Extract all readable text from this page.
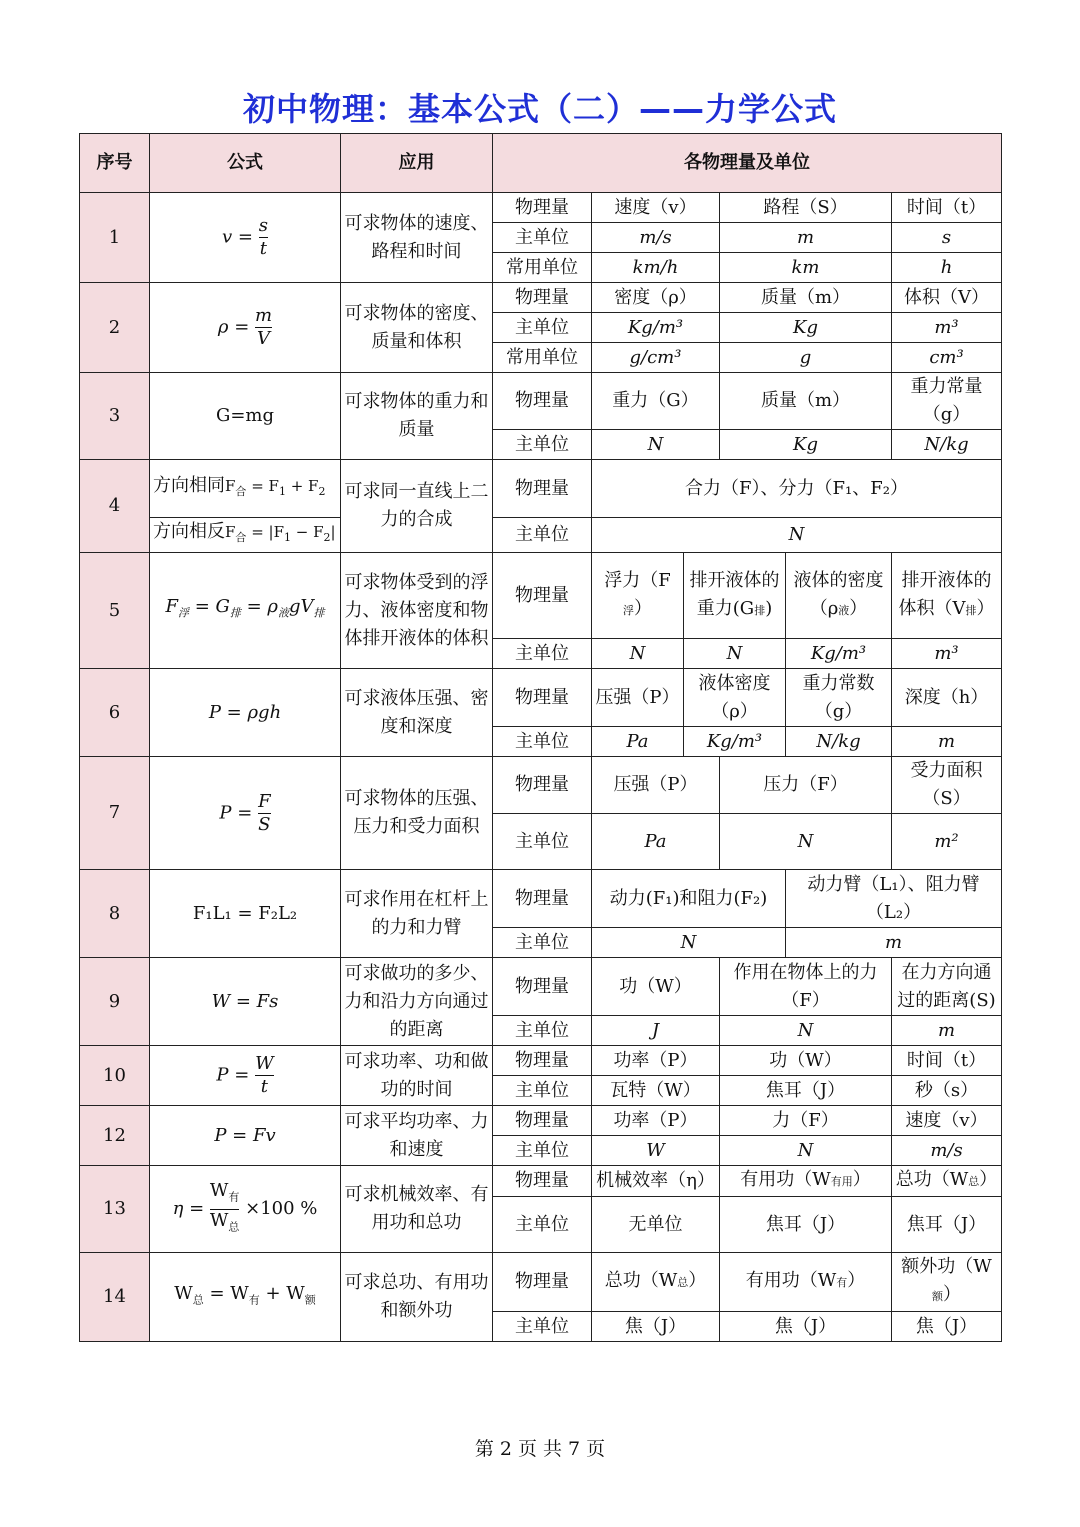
初中物理：基本公式（二）——力学公式
序号	公式	应用	各物理量及单位					
1	$v = \frac{s}{t}$	可求物体的速度、路程和时间	物理量	速度（v）		路程（S）		时间（t）
			主单位	m/s		m		s
			常用单位	km/h		km		h
2	$\rho = \frac{m}{V}$	可求物体的密度、质量和体积	物理量	密度（ρ）		质量（m）		体积（V）
			主单位	Kg/m³		Kg		m³
			常用单位	g/cm³		g		cm³
3	G=mg	可求物体的重力和质量	物理量	重力（G）		质量（m）		重力常量（g）
			主单位	N		Kg		N/kg
4	方向相同$F_合 = F_1 + F_2$	可求同一直线上二力的合成	物理量	合力（F）、分力（F₁、F₂）				
	方向相反$F_合 = |F_1 - F_2|$		主单位	N				
5	$F_浮 = G_排 = \rho_液gV_排$	可求物体受到的浮力、液体密度和物体排开液体的体积	物理量	浮力（F浮）	排开液体的重力(G排)		液体的密度（ρ液）	排开液体的体积（V排）
			主单位	N	N		Kg/m³	m³
6	P = ρgh	可求液体压强、密度和深度	物理量	压强（P）	液体密度（ρ）		重力常数（g）	深度（h）
			主单位	Pa	Kg/m³		N/kg	m
7	$P = \frac{F}{S}$	可求物体的压强、压力和受力面积	物理量	压强（P）		压力（F）		受力面积（S）
			主单位	Pa		N		m²
8	F₁L₁ = F₂L₂	可求作用在杠杆上的力和力臂	物理量	动力(F₁)和阻力(F₂)			动力臂（L₁）、阻力臂（L₂）	
			主单位	N			m	
9	W = Fs	可求做功的多少、力和沿力方向通过的距离	物理量	功（W）		作用在物体上的力（F）		在力方向通过的距离(S)
			主单位	J		N		m
10	$P = \frac{W}{t}$	可求功率、功和做功的时间	物理量	功率（P）		功（W）		时间（t）
			主单位	瓦特（W）		焦耳（J）		秒（s）
12	P = Fv	可求平均功率、力和速度	物理量	功率（P）		力（F）		速度（v）
			主单位	W		N		m/s
13	$\eta = \frac{W_有}{W_总} \times 100$ %	可求机械效率、有用功和总功	物理量	机械效率（η）		有用功（W有用）		总功（W总）
			主单位	无单位		焦耳（J）		焦耳（J）
14	$W_总 = W_有 + W_额$	可求总功、有用功和额外功	物理量	总功（W总）		有用功（W有）		额外功（W额）
			主单位	焦（J）		焦（J）		焦（J）
第 2 页 共 7 页
